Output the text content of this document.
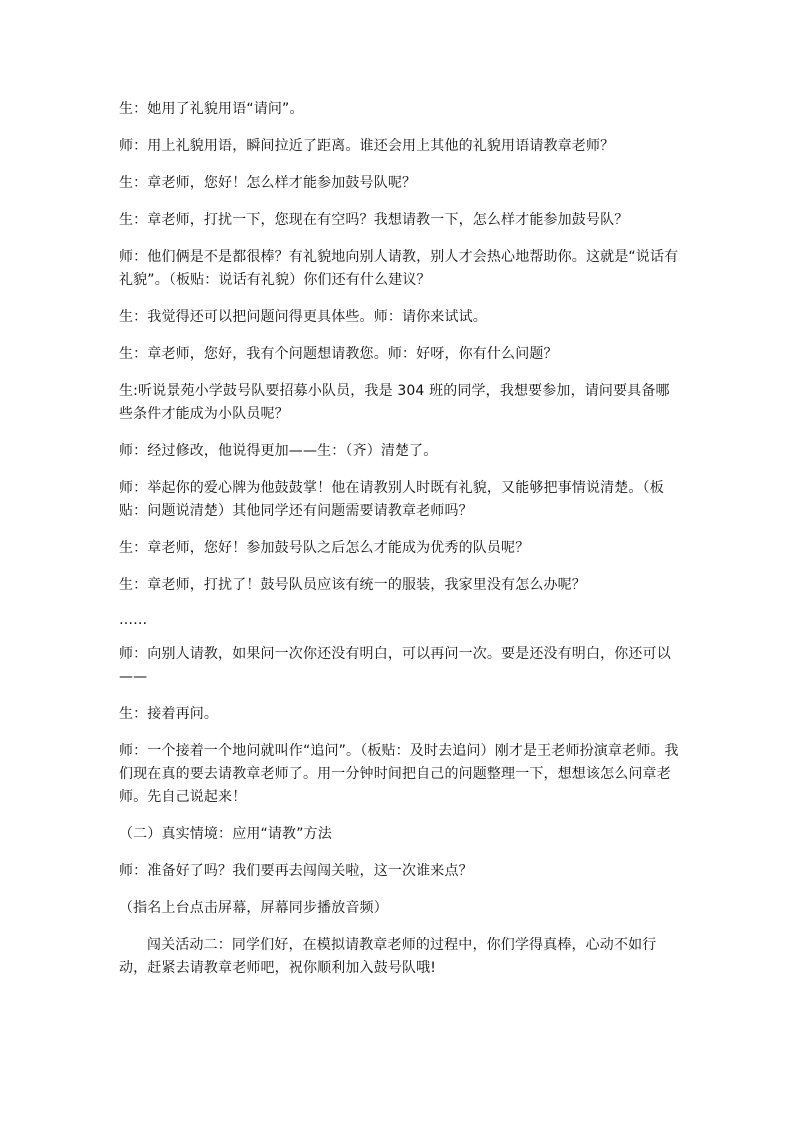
生：她用了礼貌用语“请问”。

师：用上礼貌用语，瞬间拉近了距离。谁还会用上其他的礼貌用语请教章老师？

生：章老师，您好！怎么样才能参加鼓号队呢？

生：章老师，打扰一下，您现在有空吗？我想请教一下，怎么样才能参加鼓号队？

师：他们俩是不是都很棒？有礼貌地向别人请教，别人才会热心地帮助你。这就是“说话有礼貌”。（板贴：说话有礼貌）你们还有什么建议？

生：我觉得还可以把问题问得更具体些。师：请你来试试。

生：章老师，您好，我有个问题想请教您。师：好呀，你有什么问题？

生:听说景苑小学鼓号队要招募小队员，我是 304 班的同学，我想要参加，请问要具备哪些条件才能成为小队员呢？

师：经过修改，他说得更加——生：（齐）清楚了。

师：举起你的爱心牌为他鼓鼓掌！他在请教别人时既有礼貌，又能够把事情说清楚。（板贴：问题说清楚）其他同学还有问题需要请教章老师吗？

生：章老师，您好！参加鼓号队之后怎么才能成为优秀的队员呢？

生：章老师，打扰了！鼓号队员应该有统一的服装，我家里没有怎么办呢？

……

师：向别人请教，如果问一次你还没有明白，可以再问一次。要是还没有明白，你还可以——

生：接着再问。

师：一个接着一个地问就叫作“追问”。（板贴：及时去追问）刚才是王老师扮演章老师。我们现在真的要去请教章老师了。用一分钟时间把自己的问题整理一下，想想该怎么问章老师。先自己说起来！

（二）真实情境：应用“请教”方法

师：准备好了吗？我们要再去闯闯关啦，这一次谁来点？

（指名上台点击屏幕，屏幕同步播放音频）

闯关活动二：同学们好，在模拟请教章老师的过程中，你们学得真棒，心动不如行动，赶紧去请教章老师吧，祝你顺利加入鼓号队哦!
